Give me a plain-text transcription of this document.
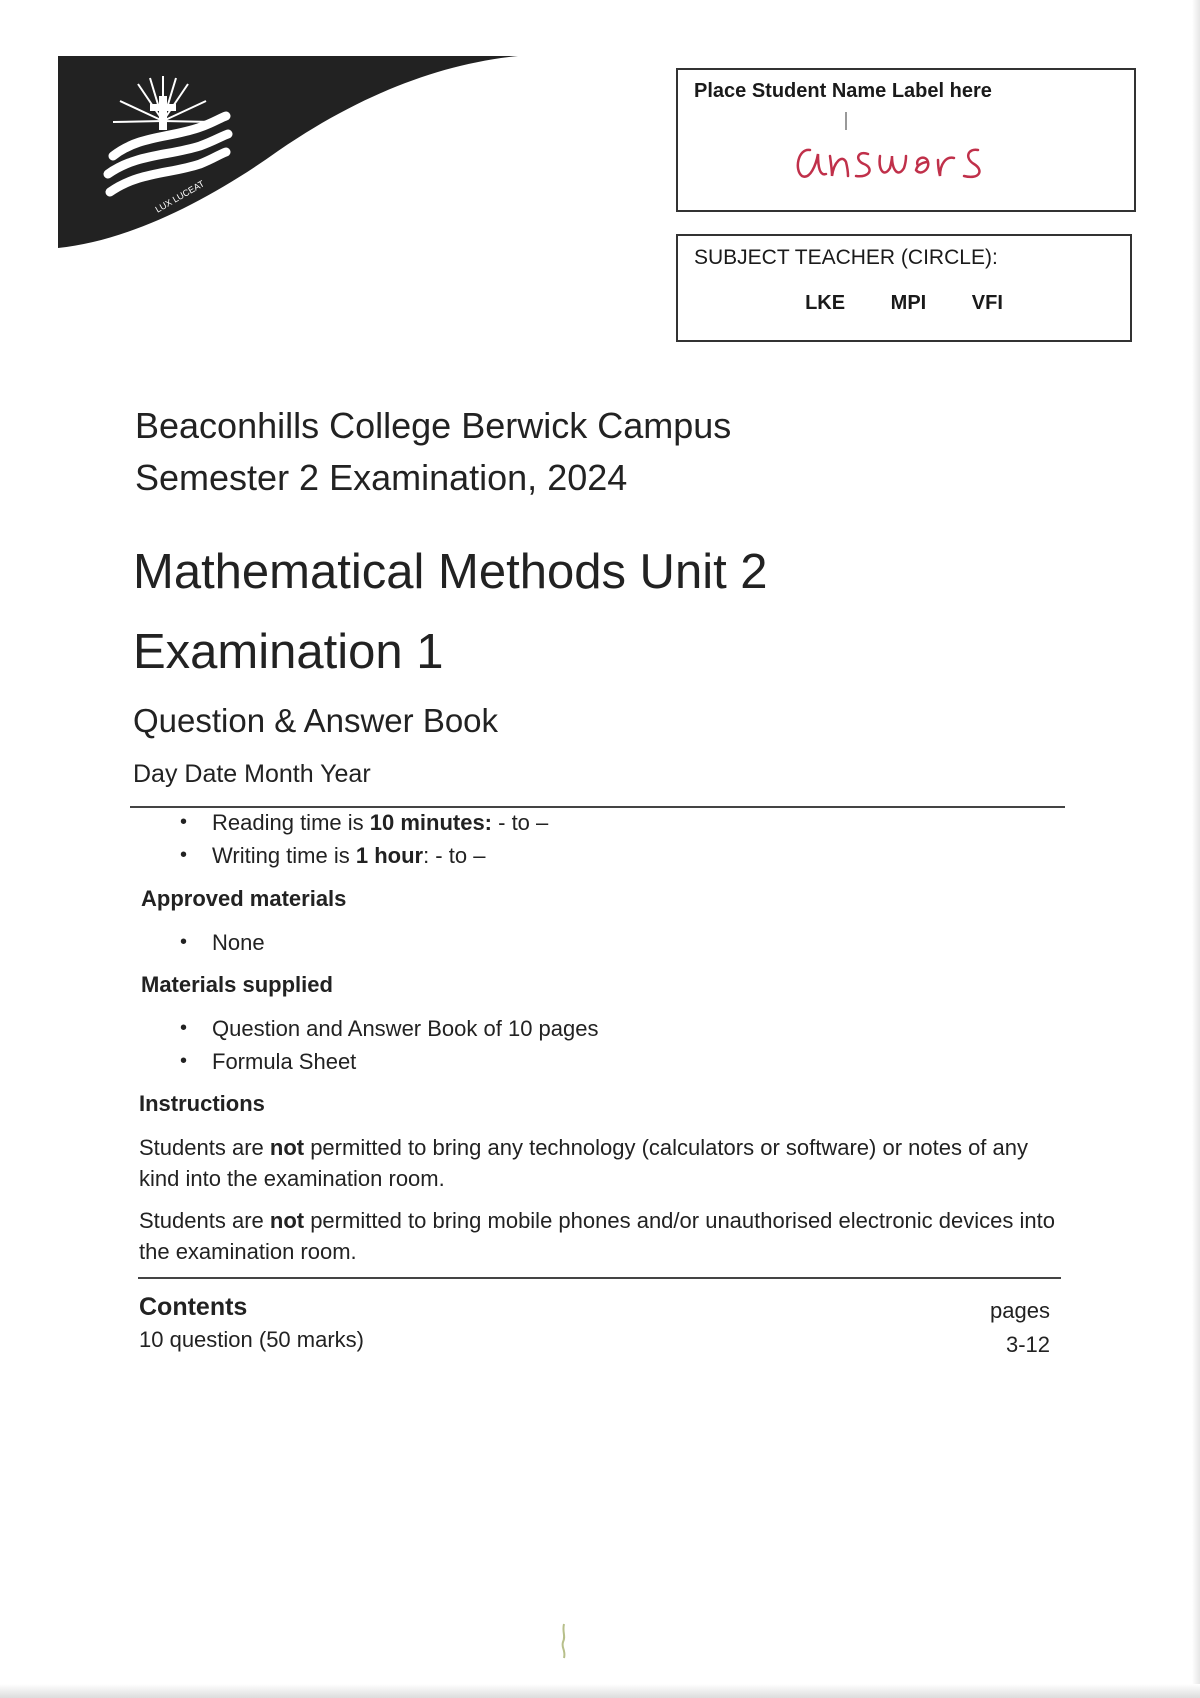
LUX LUCEAT
Place Student Name Label here
SUBJECT TEACHER (CIRCLE):
LKE MPI VFI
Beaconhills College Berwick Campus
Semester 2 Examination, 2024
Mathematical Methods Unit 2
Examination 1
Question & Answer Book
Day Date Month Year
• Reading time is 10 minutes: - to –
• Writing time is 1 hour: - to –
Approved materials
• None
Materials supplied
• Question and Answer Book of 10 pages
• Formula Sheet
Instructions
Students are not permitted to bring any technology (calculators or software) or notes of any kind into the examination room.
Students are not permitted to bring mobile phones and/or unauthorised electronic devices into the examination room.
Contents
10 question (50 marks)
pages
3-12
